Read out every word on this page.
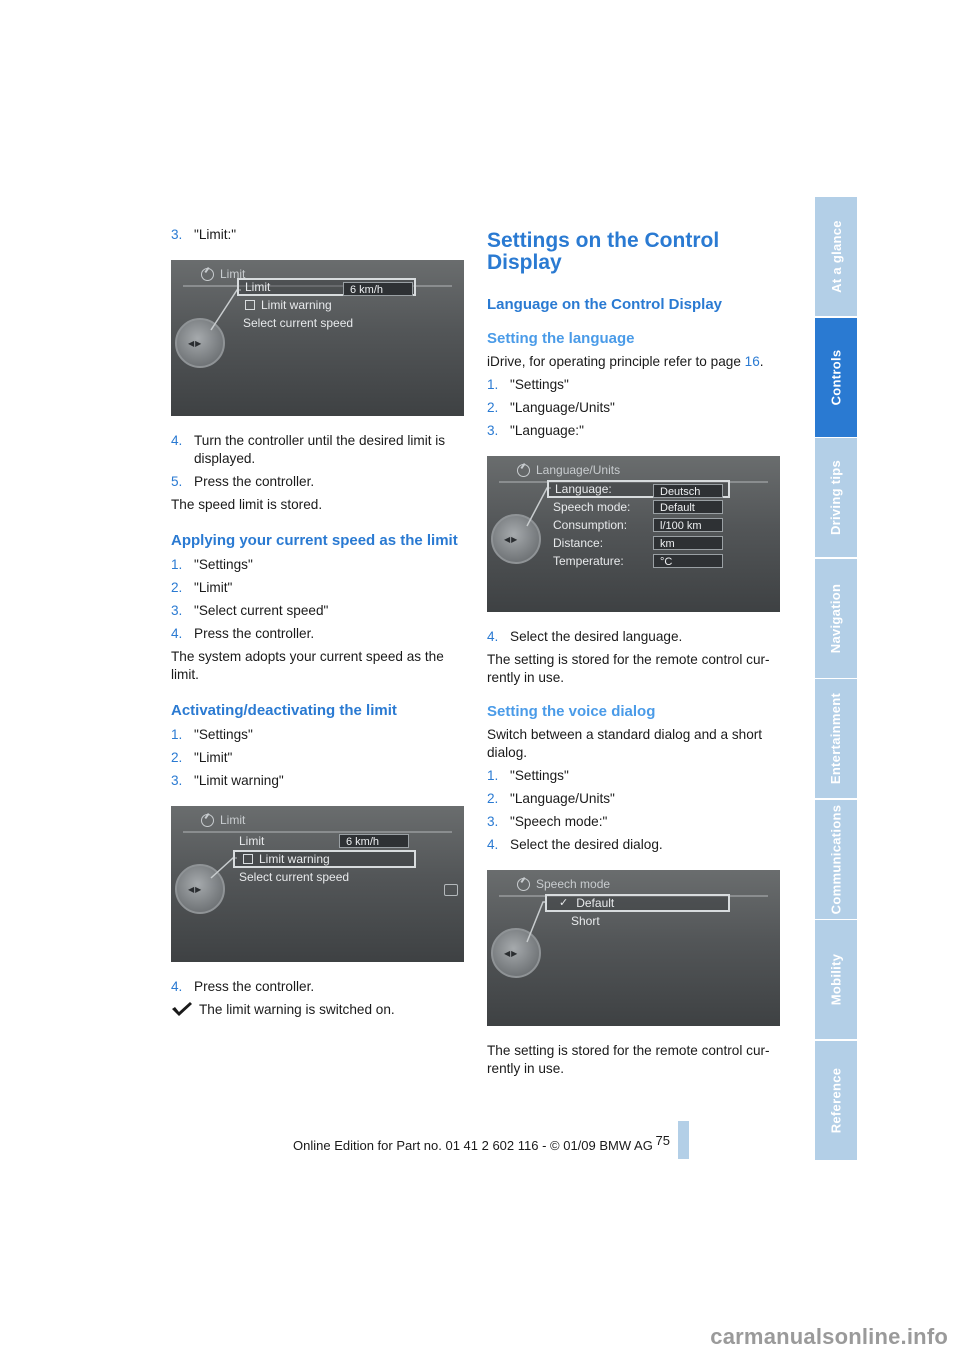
3. "Limit:"
Limit
◀▶
Limit	6 km/h
Limit warning
Select current speed
4. Turn the controller until the desired limit is displayed.
5. Press the controller.

The speed limit is stored.

Applying your current speed as the limit
1. "Settings"
2. "Limit"
3. "Select current speed"
4. Press the controller.

The system adopts your current speed as the limit.

Activating/deactivating the limit
1. "Settings"
2. "Limit"
3. "Limit warning"
Limit
◀▶
Limit	6 km/h
Limit warning
Select current speed
4. Press the controller.
The limit warning is switched on.
Settings on the Control Display
Language on the Control Display
Setting the language

iDrive, for operating principle refer to page 16.

1. "Settings"
2. "Language/Units"
3. "Language:"
Language/Units
◀▶
Language:	Deutsch
Speech mode:	Default
Consumption:	l/100 km
Distance:	km
Temperature:	°C
4. Select the desired language.

The setting is stored for the remote control cur-rently in use.

Setting the voice dialog

Switch between a standard dialog and a short dialog.

1. "Settings"
2. "Language/Units"
3. "Speech mode:"
4. Select the desired dialog.
Speech mode
◀▶
✓ Default
Short

The setting is stored for the remote control cur-rently in use.

At a glance
Controls
Driving tips
Navigation
Entertainment
Communications
Mobility
Reference
75
Online Edition for Part no. 01 41 2 602 116 - © 01/09 BMW AG
carmanualsonline.info
